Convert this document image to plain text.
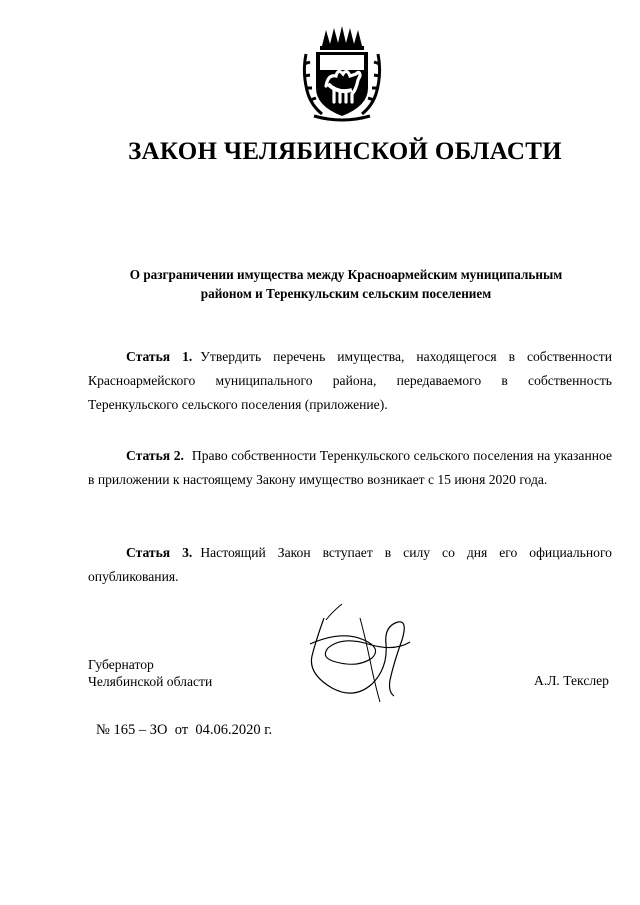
ЗАКОН ЧЕЛЯБИНСКОЙ ОБЛАСТИ
О разграничении имущества между Красноармейским муниципальным
районом и Теренкульским сельским поселением

Статья 1. Утвердить перечень имущества, находящегося в собственности Красноармейского муниципального района, передаваемого в собственность Теренкульского сельского поселения (приложение).

Статья 2. Право собственности Теренкульского сельского поселения на указанное в приложении к настоящему Закону имущество возникает с 15 июня 2020 года.

Статья 3. Настоящий Закон вступает в силу со дня его официального опубликования.

Губернатор
Челябинской области	А.Л. Текслер
№ 165 – ЗО  от  04.06.2020 г.
